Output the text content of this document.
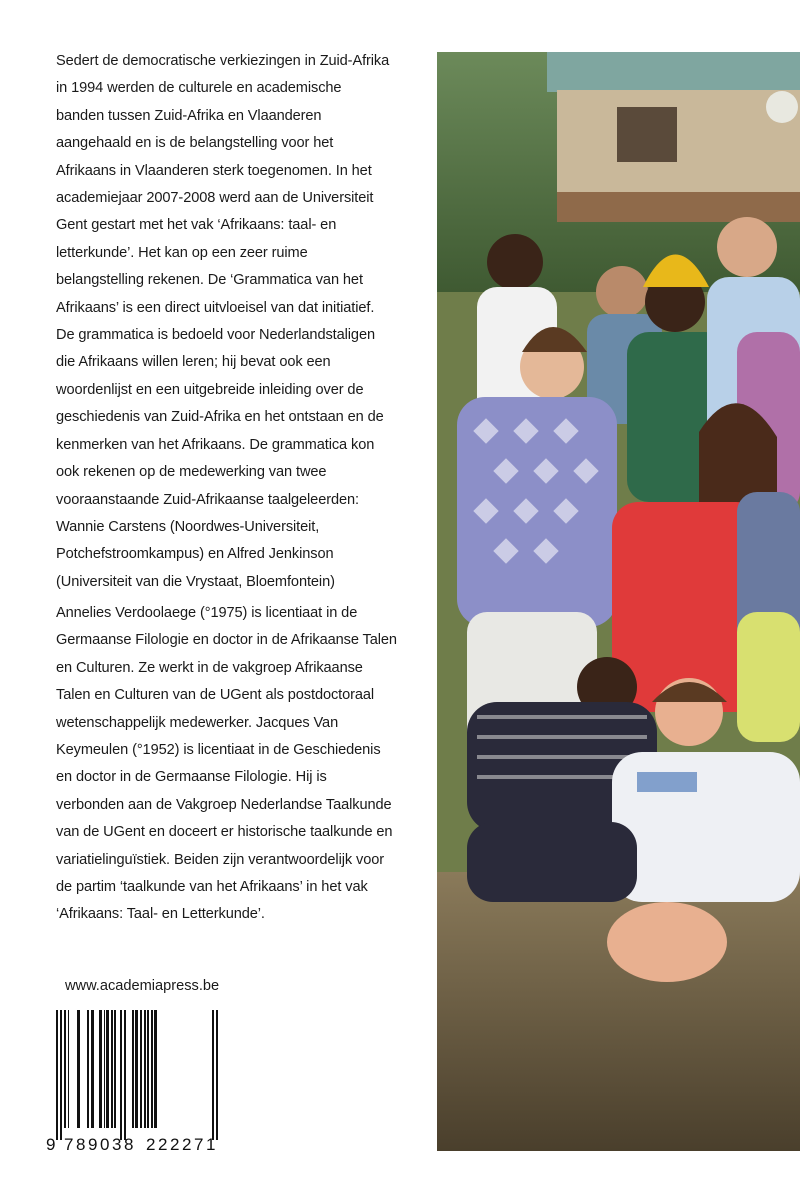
Sedert de democratische verkiezingen in Zuid-Afrika
in 1994 werden de culturele en academische
banden tussen Zuid-Afrika en Vlaanderen
aangehaald en is de belangstelling voor het
Afrikaans in Vlaanderen sterk toegenomen. In het
academiejaar 2007-2008 werd aan de Universiteit
Gent gestart met het vak ‘Afrikaans: taal- en
letterkunde’. Het kan op een zeer ruime
belangstelling rekenen. De ‘Grammatica van het
Afrikaans’ is een direct uitvloeisel van dat initiatief.
De grammatica is bedoeld voor Nederlandstaligen
die Afrikaans willen leren; hij bevat ook een
woordenlijst en een uitgebreide inleiding over de
geschiedenis van Zuid-Afrika en het ontstaan en de
kenmerken van het Afrikaans. De grammatica kon
ook rekenen op de medewerking van twee
vooraanstaande Zuid-Afrikaanse taalgeleerden:
Wannie Carstens (Noordwes-Universiteit,
Potchefstroomkampus) en Alfred Jenkinson
(Universiteit van die Vrystaat, Bloemfontein)
Annelies Verdoolaege (°1975) is licentiaat in de
Germaanse Filologie en doctor in de Afrikaanse Talen
en Culturen. Ze werkt in de vakgroep Afrikaanse
Talen en Culturen van de UGent als postdoctoraal
wetenschappelijk medewerker. Jacques Van
Keymeulen (°1952) is licentiaat in de Geschiedenis
en doctor in de Germaanse Filologie. Hij is
verbonden aan de Vakgroep Nederlandse Taalkunde
van de UGent en doceert er historische taalkunde en
variatielinguïstiek. Beiden zijn verantwoordelijk voor
de partim ‘taalkunde van het Afrikaans’ in het vak
‘Afrikaans: Taal- en Letterkunde’.
www.academiapress.be
9 7 8 9 0 3 8 2 2 2 2 7 1
